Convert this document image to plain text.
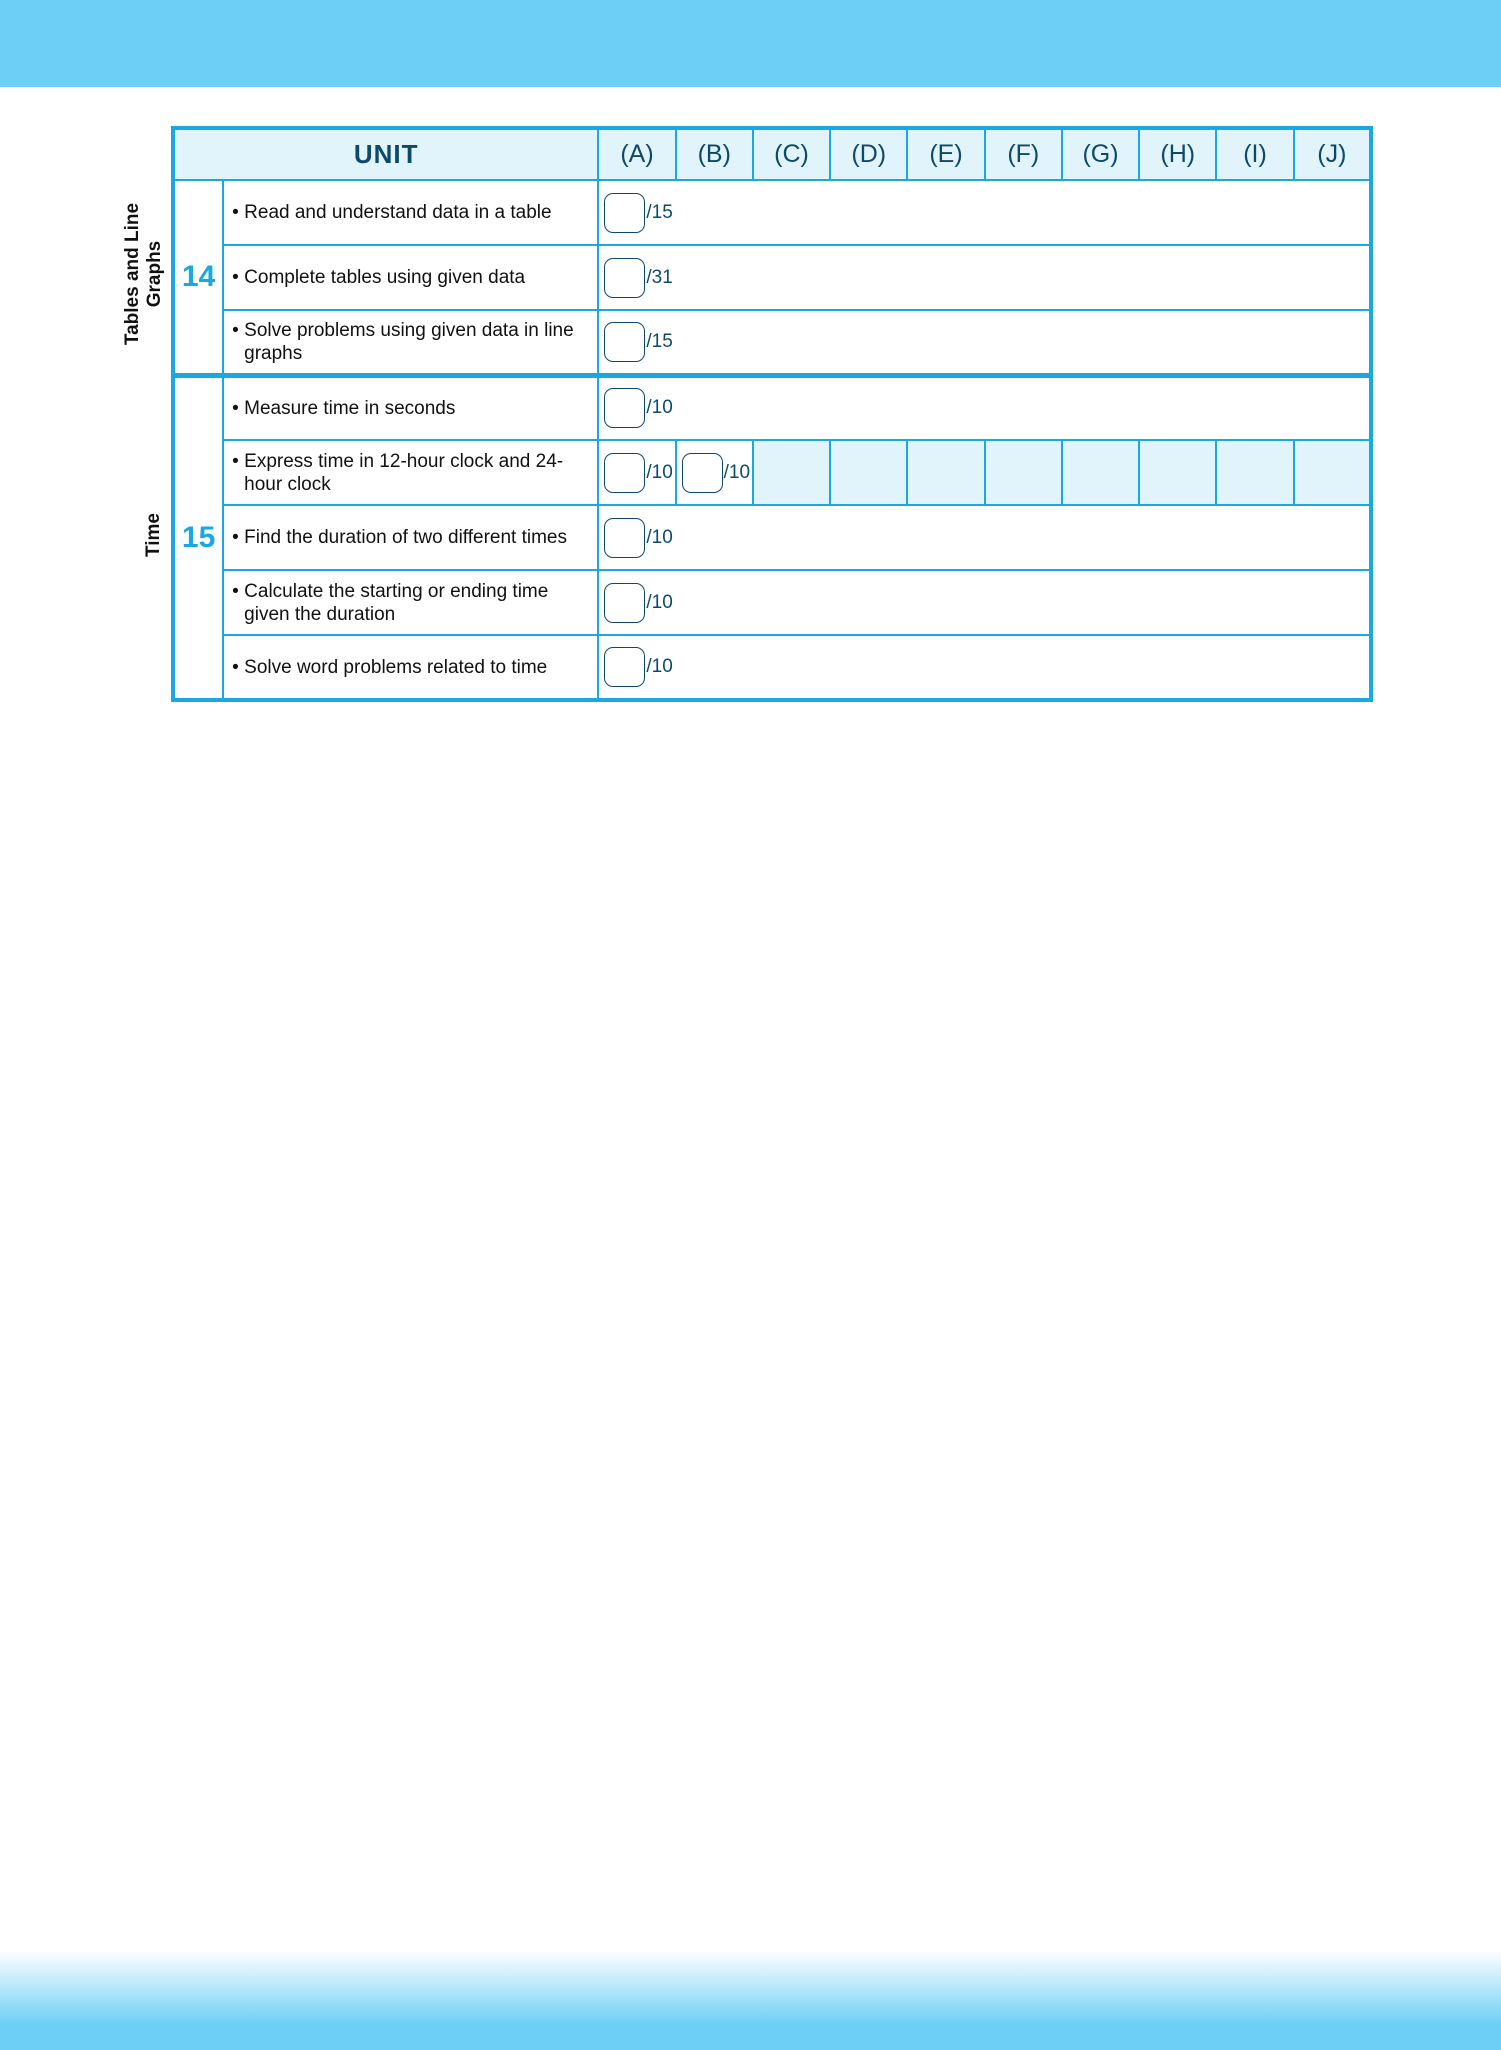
Tables and Line Graphs
Time
UNIT		(A)	(B)	(C)	(D)	(E)	(F)	(G)	(H)	(I)	(J)
14	• Read and understand data in a table	/15									

	• Complete tables using given data	/31									

	• Solve problems using given data in line graphs	/15									
15	• Measure time in seconds	/10									

	• Express time in 12-hour clock and 24-hour clock	/10	/10								

	• Find the duration of two different times	/10									

	• Calculate the starting or ending time given the duration	/10									

	• Solve word problems related to time	/10									
